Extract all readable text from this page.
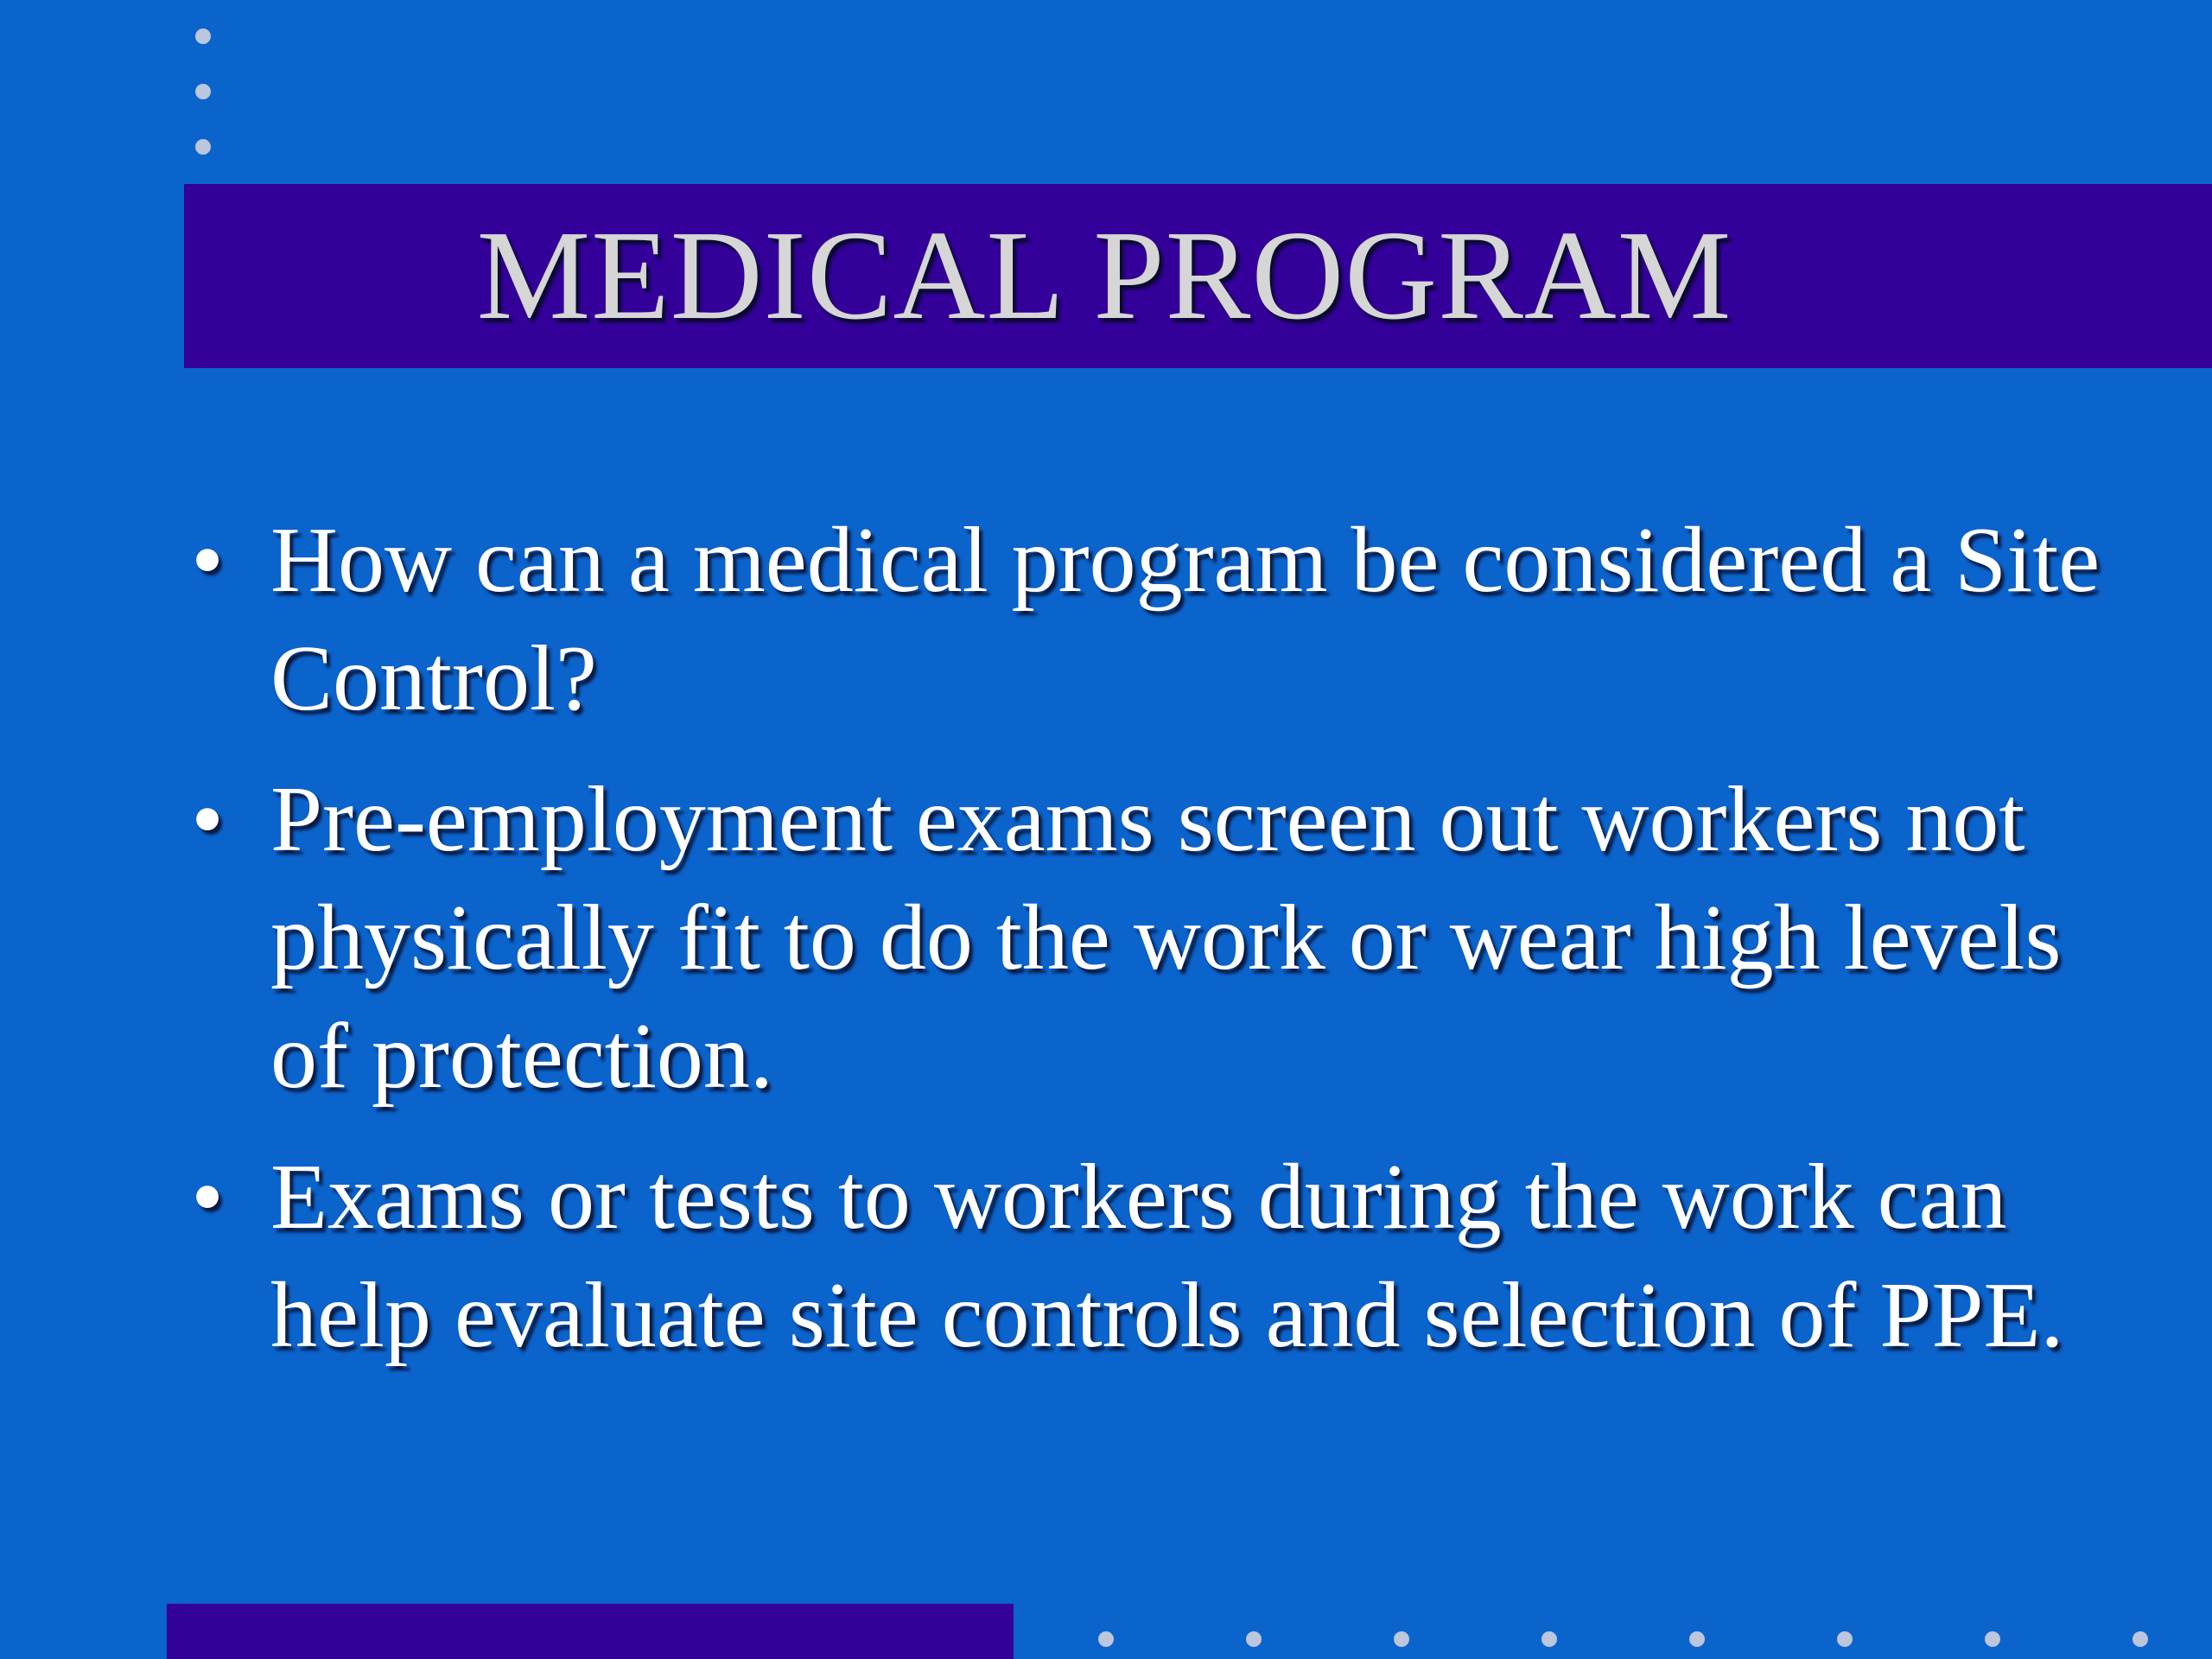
MEDICAL PROGRAM
• How can a medical program be considered a Site Control?
• Pre-employment exams screen out workers not physically fit to do the work or wear high levels of protection.
• Exams or tests to workers during the work can help evaluate site controls and selection of PPE.
